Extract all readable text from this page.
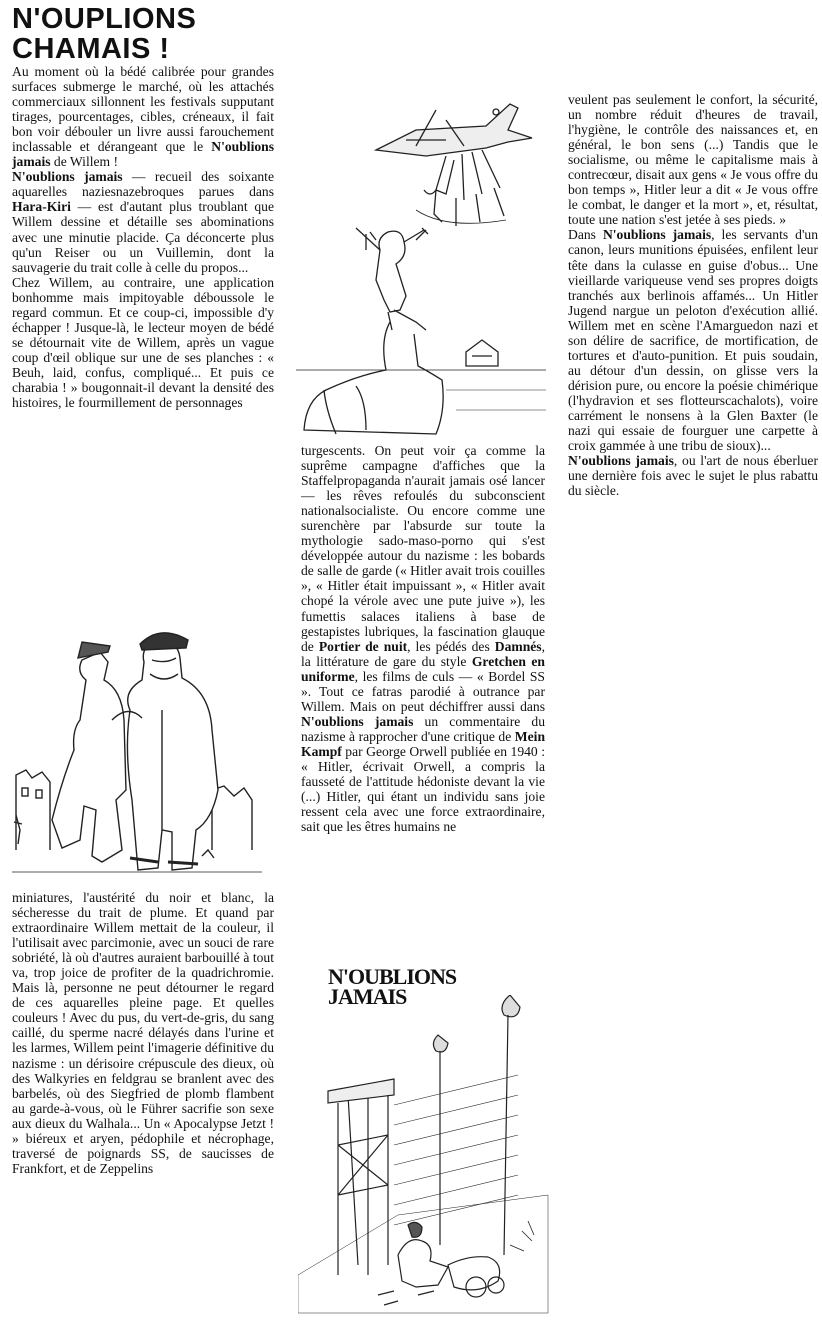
N'OUPLIONS
CHAMAIS !

Au moment où la bédé calibrée pour grandes surfaces submerge le marché, où les attachés commerciaux sillonnent les festivals supputant tirages, pourcentages, cibles, créneaux, il fait bon voir débouler un livre aussi farouchement inclassable et dérangeant que le N'oublions jamais de Willem !

N'oublions jamais — recueil des soixante aquarelles naziesnazebroques parues dans Hara-Kiri — est d'autant plus troublant que Willem dessine et détaille ses abominations avec une minutie placide. Ça déconcerte plus qu'un Reiser ou un Vuillemin, dont la sauvagerie du trait colle à celle du propos...

Chez Willem, au contraire, une application bonhomme mais impitoyable déboussole le regard commun. Et ce coup-ci, impossible d'y échapper ! Jusque-là, le lecteur moyen de bédé se détournait vite de Willem, après un vague coup d'œil oblique sur une de ses planches : « Beuh, laid, confus, compliqué... Et puis ce charabia ! » bougonnait-il devant la densité des histoires, le fourmillement de personnages

miniatures, l'austérité du noir et blanc, la sécheresse du trait de plume. Et quand par extraordinaire Willem mettait de la couleur, il l'utilisait avec parcimonie, avec un souci de rare sobriété, là où d'autres auraient barbouillé à tout va, trop joice de profiter de la quadrichromie. Mais là, personne ne peut détourner le regard de ces aquarelles pleine page. Et quelles couleurs ! Avec du pus, du vert-de-gris, du sang caillé, du sperme nacré délayés dans l'urine et les larmes, Willem peint l'imagerie définitive du nazisme : un dérisoire crépuscule des dieux, où des Walkyries en feldgrau se branlent avec des barbelés, où des Siegfried de plomb flambent au garde-à-vous, où le Führer sacrifie son sexe aux dieux du Walhala... Un « Apocalypse Jetzt ! » biéreux et aryen, pédophile et nécrophage, traversé de poignards SS, de saucisses de Frankfort, et de Zeppelins

turgescents. On peut voir ça comme la suprême campagne d'affiches que la Staffelpropaganda n'aurait jamais osé lancer — les rêves refoulés du subconscient nationalsocialiste. Ou encore comme une surenchère par l'absurde sur toute la mythologie sado-maso-porno qui s'est développée autour du nazisme : les bobards de salle de garde (« Hitler avait trois couilles », « Hitler était impuissant », « Hitler avait chopé la vérole avec une pute juive »), les fumettis salaces italiens à base de gestapistes lubriques, la fascination glauque de Portier de nuit, les pédés des Damnés, la littérature de gare du style Gretchen en uniforme, les films de culs — « Bordel SS ». Tout ce fatras parodié à outrance par Willem. Mais on peut déchiffrer aussi dans N'oublions jamais un commentaire du nazisme à rapprocher d'une critique de Mein Kampf par George Orwell publiée en 1940 : « Hitler, écrivait Orwell, a compris la fausseté de l'attitude hédoniste devant la vie (...) Hitler, qui étant un individu sans joie ressent cela avec une force extraordinaire, sait que les êtres humains ne

N'OUBLIONS
JAMAIS

veulent pas seulement le confort, la sécurité, un nombre réduit d'heures de travail, l'hygiène, le contrôle des naissances et, en général, le bon sens (...) Tandis que le socialisme, ou même le capitalisme mais à contrecœur, disait aux gens « Je vous offre du bon temps », Hitler leur a dit « Je vous offre le combat, le danger et la mort », et, résultat, toute une nation s'est jetée à ses pieds. »

Dans N'oublions jamais, les servants d'un canon, leurs munitions épuisées, enfilent leur tête dans la culasse en guise d'obus... Une vieillarde variqueuse vend ses propres doigts tranchés aux berlinois affamés... Un Hitler Jugend nargue un peloton d'exécution allié. Willem met en scène l'Amarguedon nazi et son délire de sacrifice, de mortification, de tortures et d'auto-punition. Et puis soudain, au détour d'un dessin, on glisse vers la dérision pure, ou encore la poésie chimérique (l'hydravion et ses flotteurscachalots), voire carrément le nonsens à la Glen Baxter (le nazi qui essaie de fourguer une carpette à croix gammée à une tribu de sioux)...

N'oublions jamais, ou l'art de nous éberluer une dernière fois avec le sujet le plus rabattu du siècle.
